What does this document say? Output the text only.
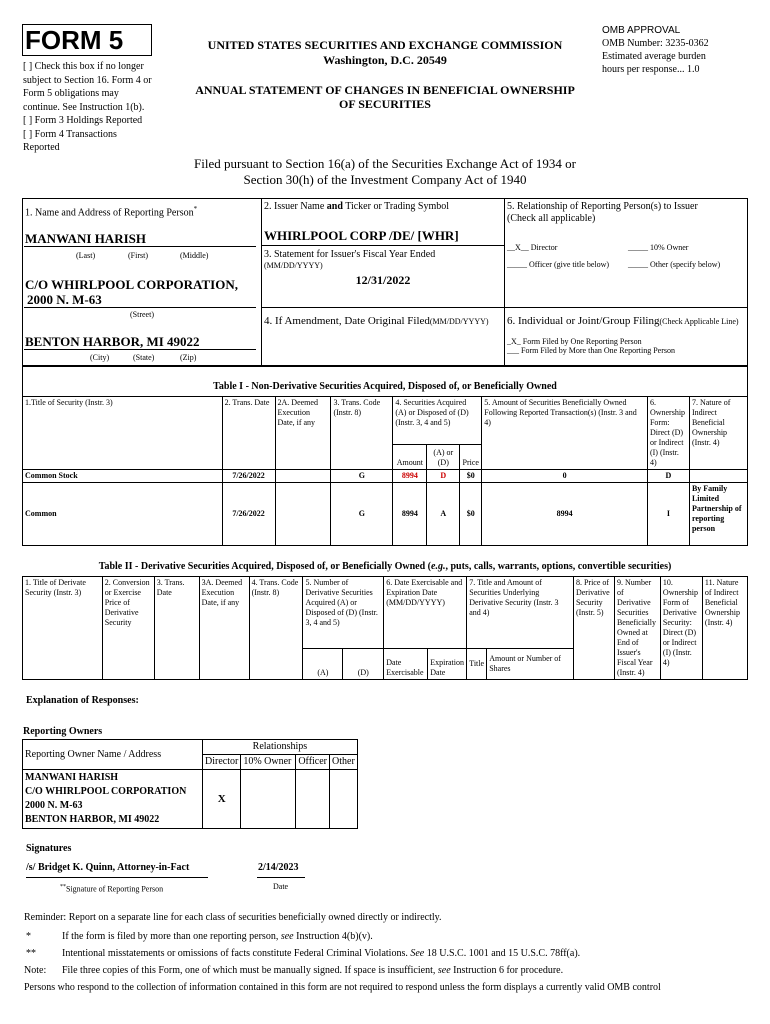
FORM 5
[ ] Check this box if no longer
subject to Section 16. Form 4 or
Form 5 obligations may
continue. See Instruction 1(b).
[ ] Form 3 Holdings Reported
[ ] Form 4 Transactions
Reported
UNITED STATES SECURITIES AND EXCHANGE COMMISSION
Washington, D.C. 20549
ANNUAL STATEMENT OF CHANGES IN BENEFICIAL OWNERSHIP
OF SECURITIES
OMB APPROVAL
OMB Number: 3235-0362
Estimated average burden
hours per response... 1.0
Filed pursuant to Section 16(a) of the Securities Exchange Act of 1934 or
Section 30(h) of the Investment Company Act of 1940
1. Name and Address of Reporting Person*
MANWANI HARISH
(Last)	(First)	(Middle)
C/O WHIRLPOOL CORPORATION,
2000 N. M-63
(Street)
BENTON HARBOR, MI 49022
(City)	(State)	(Zip)
2. Issuer Name and Ticker or Trading Symbol
WHIRLPOOL CORP /DE/ [WHR]
3. Statement for Issuer's Fiscal Year Ended
(MM/DD/YYYY)
12/31/2022
4. If Amendment, Date Original Filed(MM/DD/YYYY)
5. Relationship of Reporting Person(s) to Issuer
(Check all applicable)
__X__ Director	_____ 10% Owner
_____ Officer (give title below) _____ Other (specify below)
6. Individual or Joint/Group Filing(Check Applicable Line)
_X_ Form Filed by One Reporting Person
___ Form Filed by More than One Reporting Person
Table I - Non-Derivative Securities Acquired, Disposed of, or Beneficially Owned
1.Title of Security (Instr. 3)	2. Trans. Date	2A. Deemed Execution Date, if any	3. Trans. Code (Instr. 8)	4. Securities Acquired (A) or Disposed of (D) (Instr. 3, 4 and 5)			5. Amount of Securities Beneficially Owned Following Reported Transaction(s) (Instr. 3 and 4)	6. Ownership Form: Direct (D) or Indirect (I) (Instr. 4)	7. Nature of Indirect Beneficial Ownership (Instr. 4)
				Amount	(A) or (D)	Price			
Common Stock	7/26/2022		G	8994	D	$0	0	D	
Common	7/26/2022		G	8994	A	$0	8994	I	By Family Limited Partnership of reporting person
Table II - Derivative Securities Acquired, Disposed of, or Beneficially Owned (e.g., puts, calls, warrants, options, convertible securities)
1. Title of Derivate Security (Instr. 3)	2. Conversion or Exercise Price of Derivative Security	3. Trans. Date	3A. Deemed Execution Date, if any	4. Trans. Code (Instr. 8)	5. Number of Derivative Securities Acquired (A) or Disposed of (D) (Instr. 3, 4 and 5)		6. Date Exercisable and Expiration Date (MM/DD/YYYY)		7. Title and Amount of Securities Underlying Derivative Security (Instr. 3 and 4)		8. Price of Derivative Security (Instr. 5)	9. Number of Derivative Securities Beneficially Owned at End of Issuer's Fiscal Year (Instr. 4)	10. Ownership Form of Derivative Security: Direct (D) or Indirect (I) (Instr. 4)	11. Nature of Indirect Beneficial Ownership (Instr. 4)
					(A)	(D)	Date Exercisable	Expiration Date	Title	Amount or Number of Shares				
Explanation of Responses:
Reporting Owners
Reporting Owner Name / Address	Relationships			
	Director	10% Owner	Officer	Other

MANWANI HARISH
C/O WHIRLPOOL CORPORATION
2000 N. M-63
BENTON HARBOR, MI 49022	X			
Signatures
/s/ Bridget K. Quinn, Attorney-in-Fact	2/14/2023
**Signature of Reporting Person	Date
Reminder: Report on a separate line for each class of securities beneficially owned directly or indirectly.
*	If the form is filed by more than one reporting person, see Instruction 4(b)(v).
**	Intentional misstatements or omissions of facts constitute Federal Criminal Violations. See 18 U.S.C. 1001 and 15 U.S.C. 78ff(a).
Note: File three copies of this Form, one of which must be manually signed. If space is insufficient, see Instruction 6 for procedure.
Persons who respond to the collection of information contained in this form are not required to respond unless the form displays a currently valid OMB control
